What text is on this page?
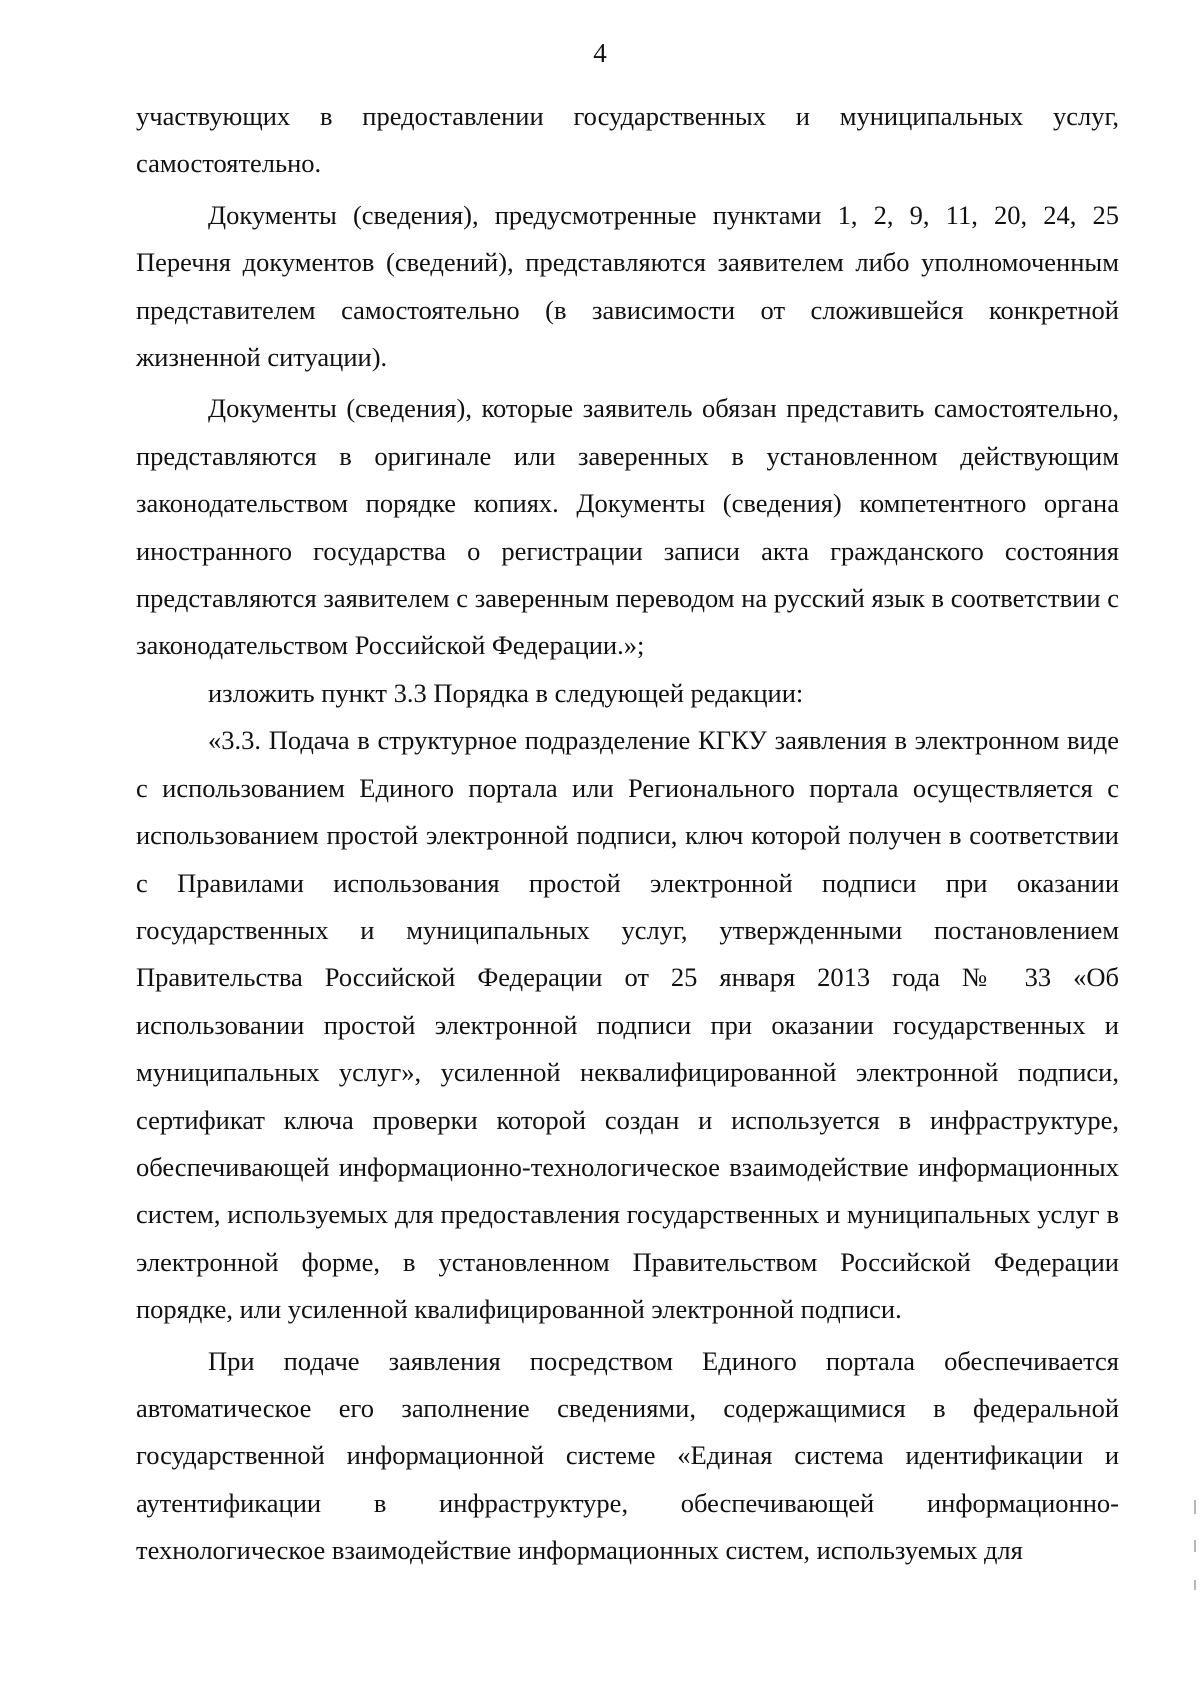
4

участвующих в предоставлении государственных и муниципальных услуг, самостоятельно.

Документы (сведения), предусмотренные пунктами 1, 2, 9, 11, 20, 24, 25 Перечня документов (сведений), представляются заявителем либо уполномоченным представителем самостоятельно (в зависимости от сложившейся конкретной жизненной ситуации).

Документы (сведения), которые заявитель обязан представить самостоятельно, представляются в оригинале или заверенных в установленном действующим законодательством порядке копиях. Документы (сведения) компетентного органа иностранного государства о регистрации записи акта гражданского состояния представляются заявителем с заверенным переводом на русский язык в соответствии с законодательством Российской Федерации.»;

изложить пункт 3.3 Порядка в следующей редакции:

«3.3. Подача в структурное подразделение КГКУ заявления в электронном виде с использованием Единого портала или Регионального портала осуществляется с использованием простой электронной подписи, ключ которой получен в соответствии с Правилами использования простой электронной подписи при оказании государственных и муниципальных услуг, утвержденными постановлением Правительства Российской Федерации от 25 января 2013 года № 33 «Об использовании простой электронной подписи при оказании государственных и муниципальных услуг», усиленной неквалифицированной электронной подписи, сертификат ключа проверки которой создан и используется в инфраструктуре, обеспечивающей информационно-технологическое взаимодействие информационных систем, используемых для предоставления государственных и муниципальных услуг в электронной форме, в установленном Правительством Российской Федерации порядке, или усиленной квалифицированной электронной подписи.

При подаче заявления посредством Единого портала обеспечивается автоматическое его заполнение сведениями, содержащимися в федеральной государственной информационной системе «Единая система идентификации и аутентификации в инфраструктуре, обеспечивающей информационно-технологическое взаимодействие информационных систем, используемых для
